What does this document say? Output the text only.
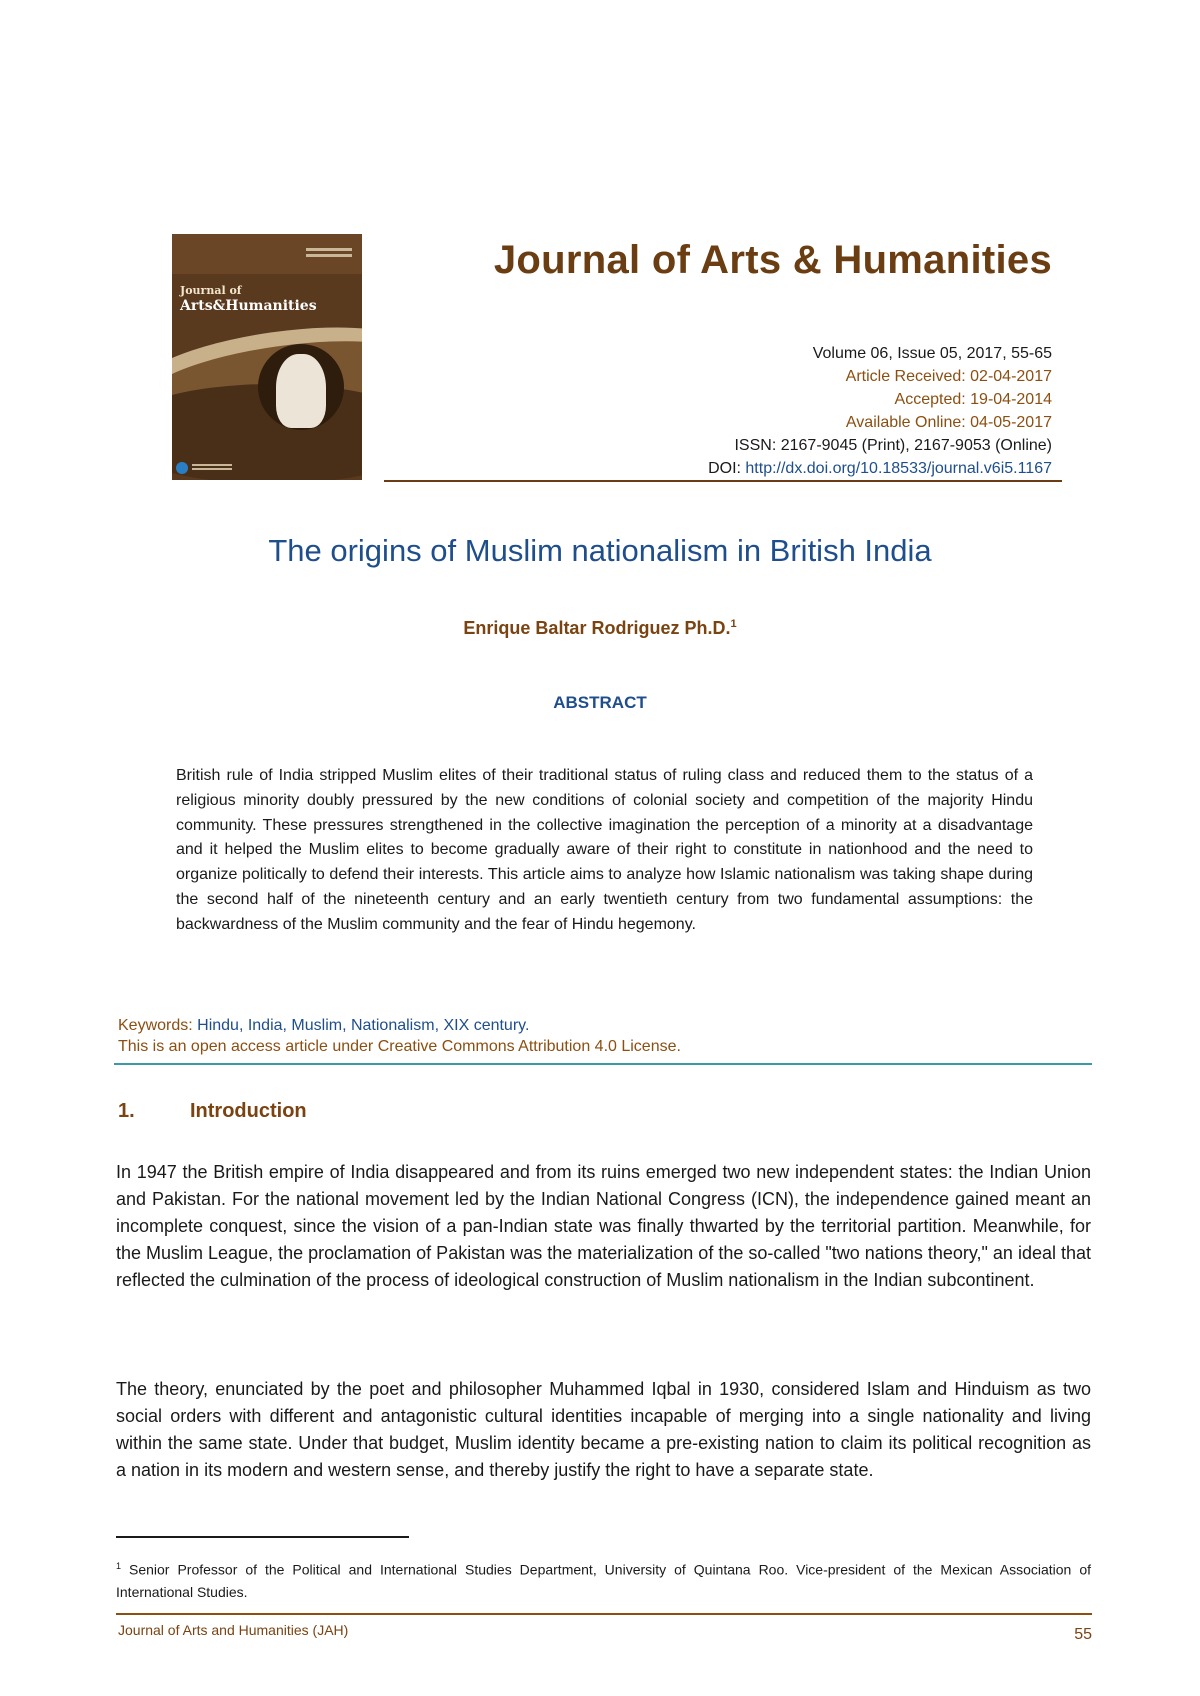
Journal of
Arts&Humanities
Journal of Arts & Humanities
Volume 06, Issue 05, 2017, 55-65
Article Received: 02-04-2017
Accepted: 19-04-2014
Available Online: 04-05-2017
ISSN: 2167-9045 (Print), 2167-9053 (Online)
DOI: http://dx.doi.org/10.18533/journal.v6i5.1167
The origins of Muslim nationalism in British India
Enrique Baltar Rodriguez Ph.D.$^1$
ABSTRACT
British rule of India stripped Muslim elites of their traditional status of ruling class and reduced them to the status of a religious minority doubly pressured by the new conditions of colonial society and competition of the majority Hindu community. These pressures strengthened in the collective imagination the perception of a minority at a disadvantage and it helped the Muslim elites to become gradually aware of their right to constitute in nationhood and the need to organize politically to defend their interests. This article aims to analyze how Islamic nationalism was taking shape during the second half of the nineteenth century and an early twentieth century from two fundamental assumptions: the backwardness of the Muslim community and the fear of Hindu hegemony.
Keywords: Hindu, India, Muslim, Nationalism, XIX century.
This is an open access article under Creative Commons Attribution 4.0 License.
1.	Introduction
In 1947 the British empire of India disappeared and from its ruins emerged two new independent states: the Indian Union and Pakistan. For the national movement led by the Indian National Congress (ICN), the independence gained meant an incomplete conquest, since the vision of a pan-Indian state was finally thwarted by the territorial partition. Meanwhile, for the Muslim League, the proclamation of Pakistan was the materialization of the so-called "two nations theory," an ideal that reflected the culmination of the process of ideological construction of Muslim nationalism in the Indian subcontinent.
The theory, enunciated by the poet and philosopher Muhammed Iqbal in 1930, considered Islam and Hinduism as two social orders with different and antagonistic cultural identities incapable of merging into a single nationality and living within the same state. Under that budget, Muslim identity became a pre-existing nation to claim its political recognition as a nation in its modern and western sense, and thereby justify the right to have a separate state.
$^1$ Senior Professor of the Political and International Studies Department, University of Quintana Roo. Vice-president of the Mexican Association of International Studies.
Journal of Arts and Humanities (JAH)	55
